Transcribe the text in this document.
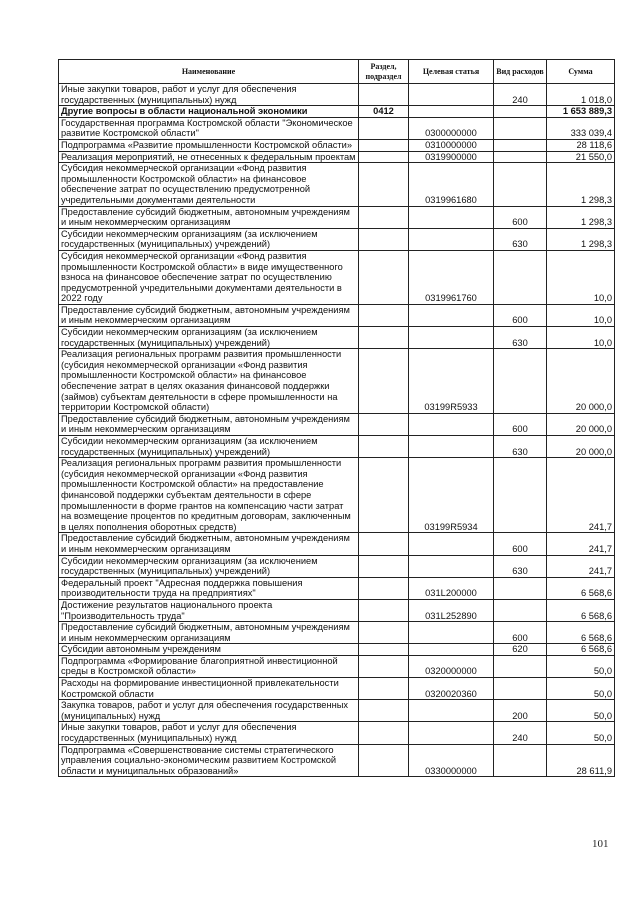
Наименование	Раздел, подраздел	Целевая статья	Вид расходов	Сумма
Иные закупки товаров, работ и услуг для обеспечения государственных (муниципальных) нужд			240	1 018,0
Другие вопросы в области национальной экономики	0412			1 653 889,3
Государственная программа Костромской области "Экономическое развитие Костромской области"		0300000000		333 039,4
Подпрограмма «Развитие промышленности Костромской области»		0310000000		28 118,6
Реализация мероприятий, не отнесенных к федеральным проектам		0319900000		21 550,0
Субсидия некоммерческой организации «Фонд развития промышленности Костромской области» на финансовое обеспечение затрат по осуществлению предусмотренной учредительными документами деятельности		0319961680		1 298,3
Предоставление субсидий бюджетным, автономным учреждениям и иным некоммерческим организациям			600	1 298,3
Субсидии некоммерческим организациям (за исключением государственных (муниципальных) учреждений)			630	1 298,3
Субсидия некоммерческой организации «Фонд развития промышленности Костромской области» в виде имущественного взноса на финансовое обеспечение затрат по осуществлению предусмотренной учредительными документами деятельности в 2022 году		0319961760		10,0
Предоставление субсидий бюджетным, автономным учреждениям и иным некоммерческим организациям			600	10,0
Субсидии некоммерческим организациям (за исключением государственных (муниципальных) учреждений)			630	10,0
Реализация региональных программ развития промышленности (субсидия некоммерческой организации «Фонд развития промышленности Костромской области» на финансовое обеспечение затрат в целях оказания финансовой поддержки (займов) субъектам деятельности в сфере промышленности на территории Костромской области)		03199R5933		20 000,0
Предоставление субсидий бюджетным, автономным учреждениям и иным некоммерческим организациям			600	20 000,0
Субсидии некоммерческим организациям (за исключением государственных (муниципальных) учреждений)			630	20 000,0
Реализация региональных программ развития промышленности (субсидия некоммерческой организации «Фонд развития промышленности Костромской области» на предоставление финансовой поддержки субъектам деятельности в сфере промышленности в форме грантов на компенсацию части затрат на возмещение процентов по кредитным договорам, заключенным в целях пополнения оборотных средств)		03199R5934		241,7
Предоставление субсидий бюджетным, автономным учреждениям и иным некоммерческим организациям			600	241,7
Субсидии некоммерческим организациям (за исключением государственных (муниципальных) учреждений)			630	241,7
Федеральный проект "Адресная поддержка повышения производительности труда на предприятиях"		031L200000		6 568,6
Достижение результатов национального проекта "Производительность труда"		031L252890		6 568,6
Предоставление субсидий бюджетным, автономным учреждениям и иным некоммерческим организациям			600	6 568,6
Субсидии автономным учреждениям			620	6 568,6
Подпрограмма «Формирование благоприятной инвестиционной среды в Костромской области»		0320000000		50,0
Расходы на формирование инвестиционной привлекательности Костромской области		0320020360		50,0
Закупка товаров, работ и услуг для обеспечения государственных (муниципальных) нужд			200	50,0
Иные закупки товаров, работ и услуг для обеспечения государственных (муниципальных) нужд			240	50,0
Подпрограмма «Совершенствование системы стратегического управления социально-экономическим развитием Костромской области и муниципальных образований»		0330000000		28 611,9
101
